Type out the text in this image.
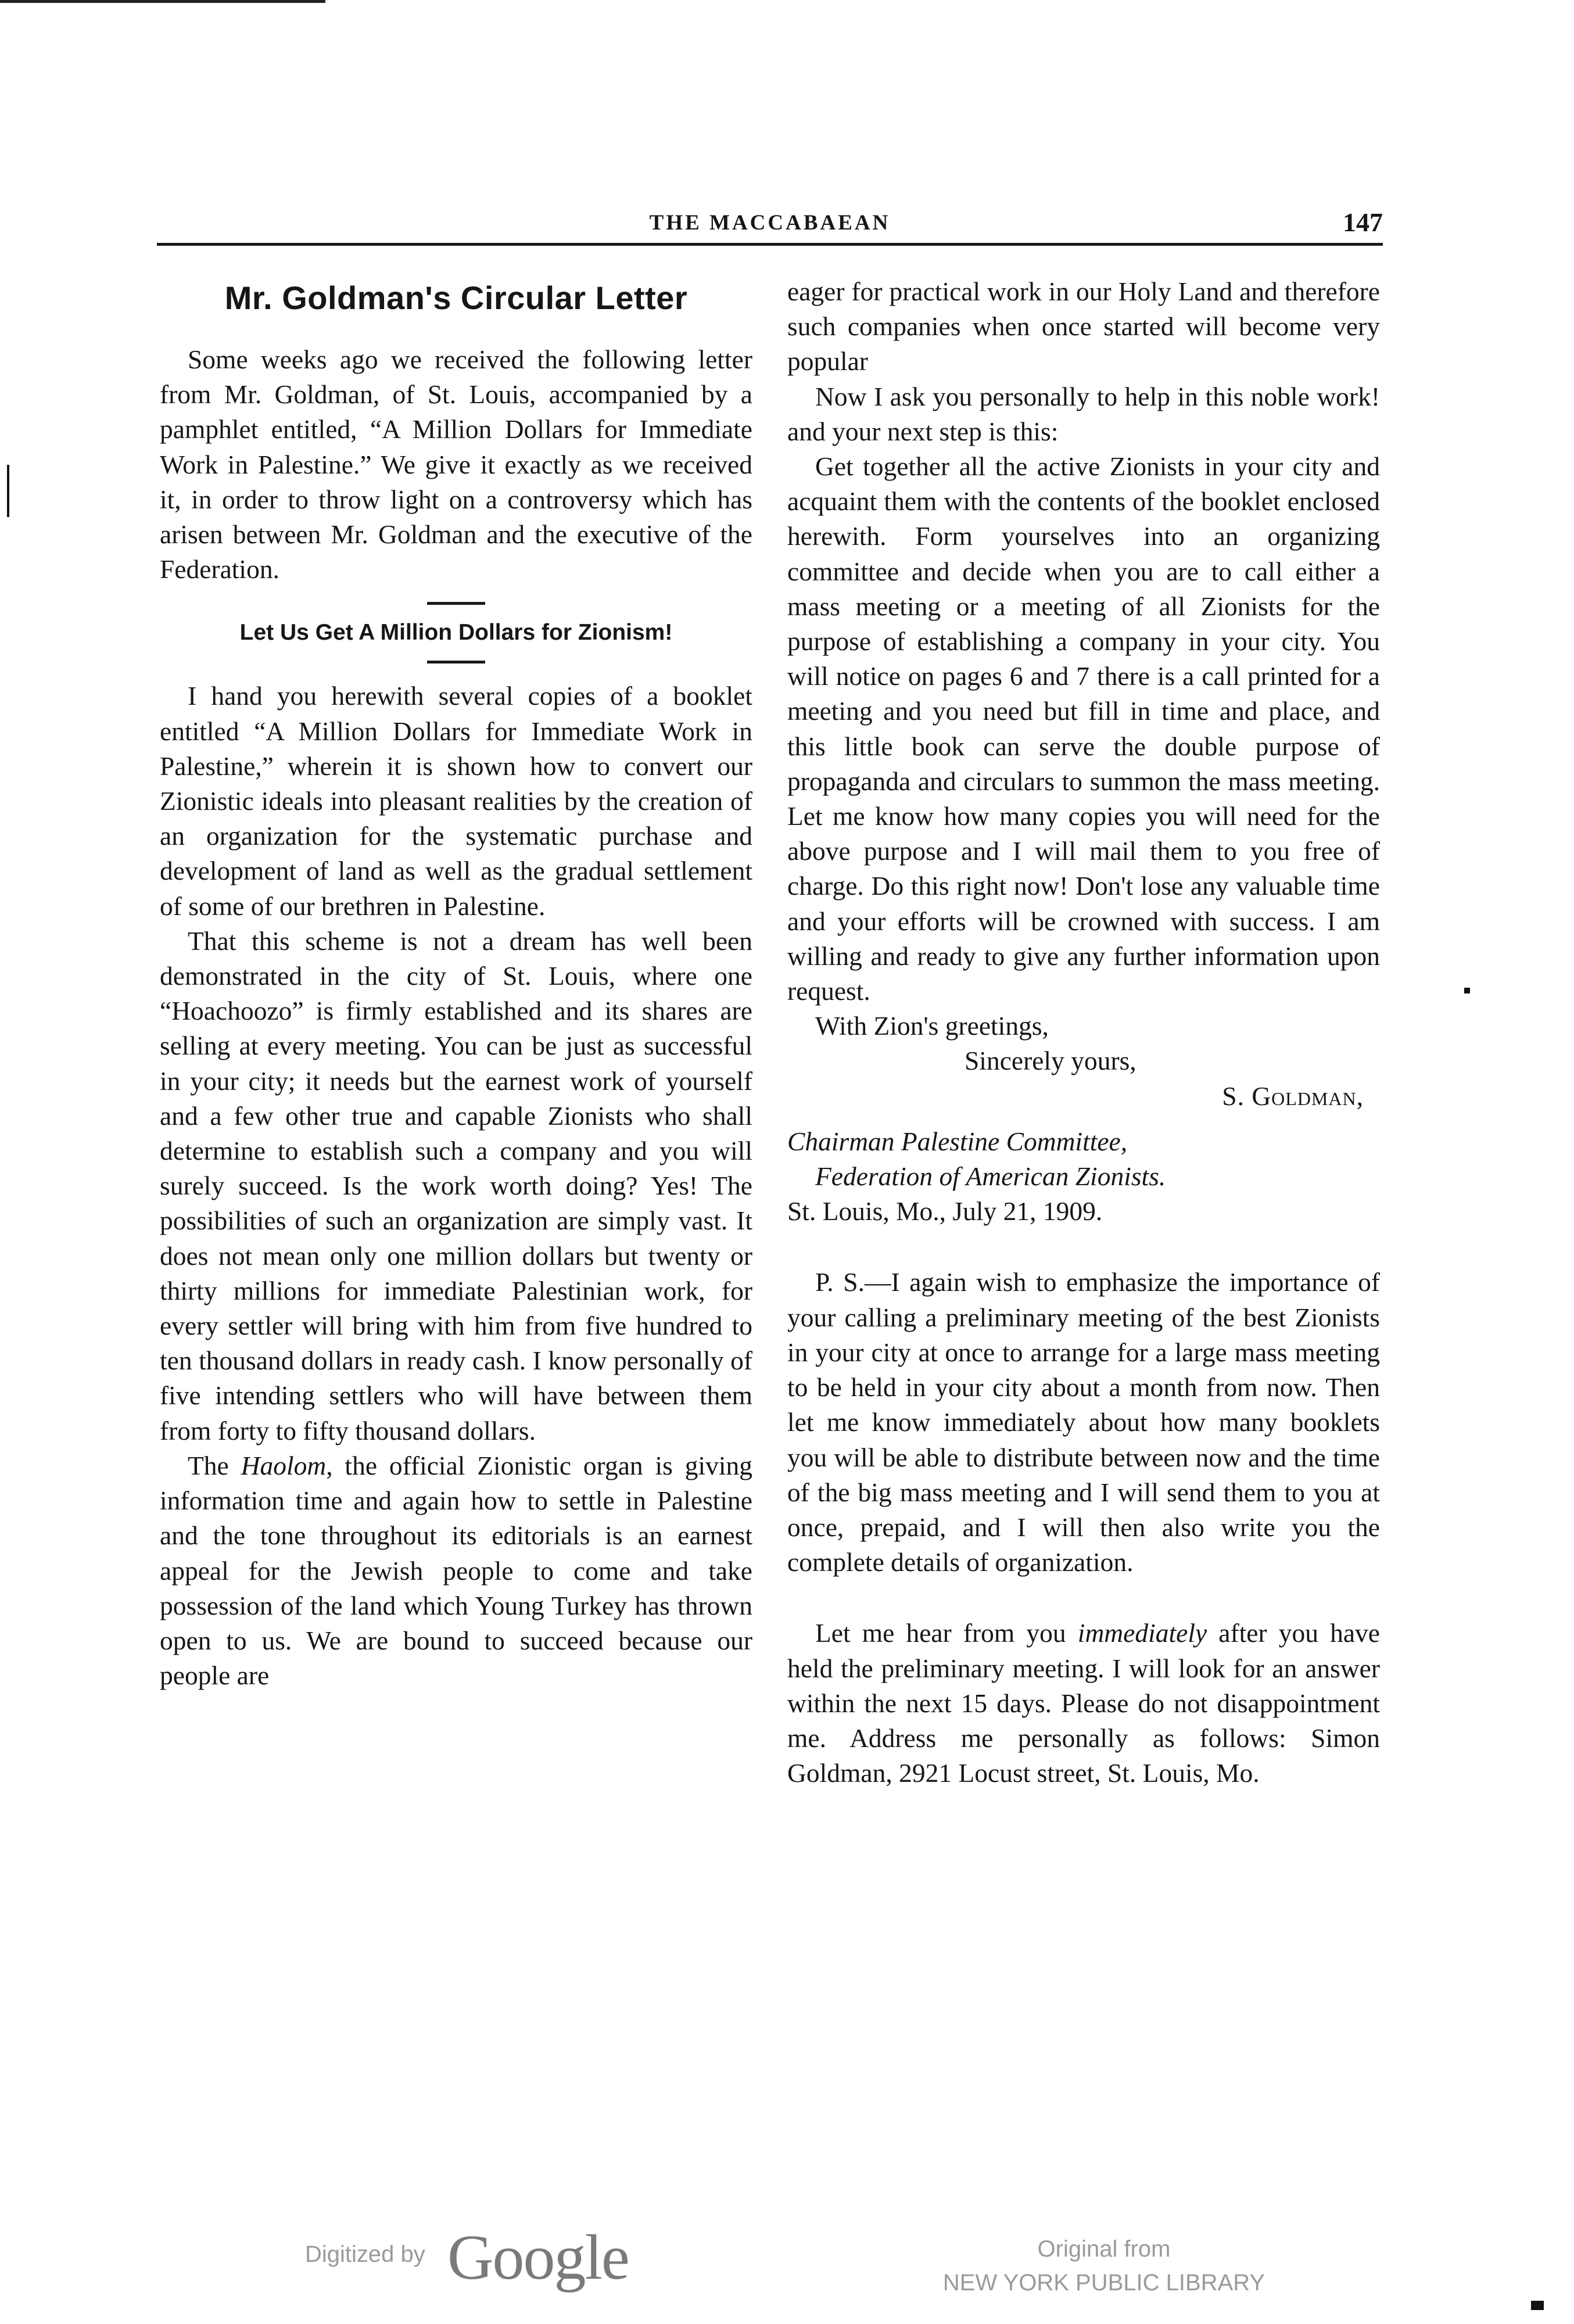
THE MACCABAEAN	147
Mr. Goldman's Circular Letter

Some weeks ago we received the following letter from Mr. Goldman, of St. Louis, accompanied by a pamphlet entitled, “A Million Dollars for Immediate Work in Palestine.” We give it exactly as we received it, in order to throw light on a controversy which has arisen between Mr. Goldman and the executive of the Federation.

Let Us Get A Million Dollars for Zionism!

I hand you herewith several copies of a booklet entitled “A Million Dollars for Immediate Work in Palestine,” wherein it is shown how to convert our Zionistic ideals into pleasant realities by the creation of an organization for the systematic purchase and development of land as well as the gradual settlement of some of our brethren in Palestine.

That this scheme is not a dream has well been demonstrated in the city of St. Louis, where one “Hoachoozo” is firmly established and its shares are selling at every meeting. You can be just as successful in your city; it needs but the earnest work of yourself and a few other true and capable Zionists who shall determine to establish such a company and you will surely succeed. Is the work worth doing? Yes! The possibilities of such an organization are simply vast. It does not mean only one million dollars but twenty or thirty millions for immediate Palestinian work, for every settler will bring with him from five hundred to ten thousand dollars in ready cash. I know personally of five intending settlers who will have between them from forty to fifty thousand dollars.

The Haolom, the official Zionistic organ is giving information time and again how to settle in Palestine and the tone throughout its editorials is an earnest appeal for the Jewish people to come and take possession of the land which Young Turkey has thrown open to us. We are bound to succeed because our people are

eager for practical work in our Holy Land and therefore such companies when once started will become very popular

Now I ask you personally to help in this noble work! and your next step is this:

Get together all the active Zionists in your city and acquaint them with the contents of the booklet enclosed herewith. Form yourselves into an organizing committee and decide when you are to call either a mass meeting or a meeting of all Zionists for the purpose of establishing a company in your city. You will notice on pages 6 and 7 there is a call printed for a meeting and you need but fill in time and place, and this little book can serve the double purpose of propaganda and circulars to summon the mass meeting. Let me know how many copies you will need for the above purpose and I will mail them to you free of charge. Do this right now! Don't lose any valuable time and your efforts will be crowned with success. I am willing and ready to give any further information upon request.

With Zion's greetings,
Sincerely yours,
S. Goldman,
Chairman Palestine Committee,
Federation of American Zionists.
St. Louis, Mo., July 21, 1909.

P. S.—I again wish to emphasize the importance of your calling a preliminary meeting of the best Zionists in your city at once to arrange for a large mass meeting to be held in your city about a month from now. Then let me know immediately about how many booklets you will be able to distribute between now and the time of the big mass meeting and I will send them to you at once, prepaid, and I will then also write you the complete details of organization.

Let me hear from you immediately after you have held the preliminary meeting. I will look for an answer within the next 15 days. Please do not disappointment me. Address me personally as follows: Simon Goldman, 2921 Locust street, St. Louis, Mo.

Digitized by Google	Original from
NEW YORK PUBLIC LIBRARY
